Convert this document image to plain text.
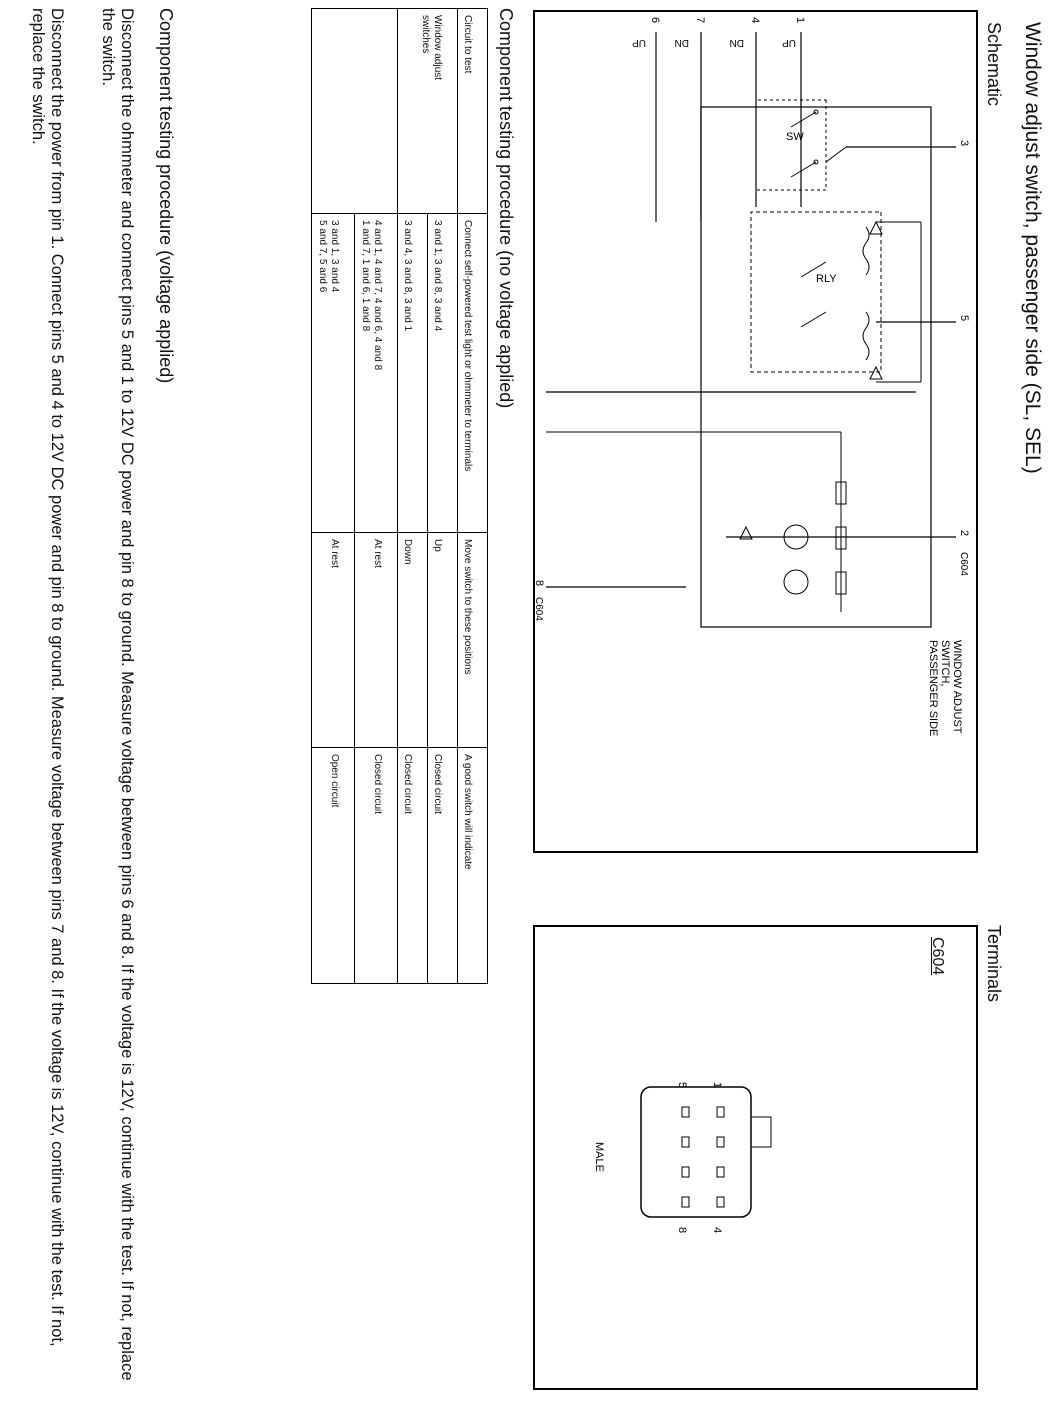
Window adjust switch, passenger side (SL, SEL)
Schematic
Terminals
3
SW
4	1
DN	UP
RLY
5
7
6
DN
UP
2
8
C604
C604
WINDOW ADJUST
SWITCH,
PASSENGER SIDE
C604
1
5
4
8
MALE
Component testing procedure (no voltage applied)
Circuit to test	Connect self-powered test light or ohmmeter to terminals	Move switch to these positions	A good switch will indicate

Window adjust
switches	3 and 1, 3 and 8, 3 and 4	Up	Closed circuit
	3 and 4, 3 and 8, 3 and 1	Down	Closed circuit

	4 and 1, 4 and 7, 4 and 6, 4 and 8
1 and 7, 1 and 6, 1 and 8	At rest	Closed circuit

	3 and 1, 3 and 4
5 and 7, 5 and 6	At rest	Open circuit
Component testing procedure (voltage applied)
Disconnect the ohmmeter and connect pins 5 and 1 to 12V DC power and pin 8 to ground. Measure voltage between pins 6 and 8. If the voltage is 12V, continue with the test. If not, replace the switch.
Disconnect the power from pin 1. Connect pins 5 and 4 to 12V DC power and pin 8 to ground. Measure voltage between pins 7 and 8. If the voltage is 12V, continue with the test. If not, replace the switch.
